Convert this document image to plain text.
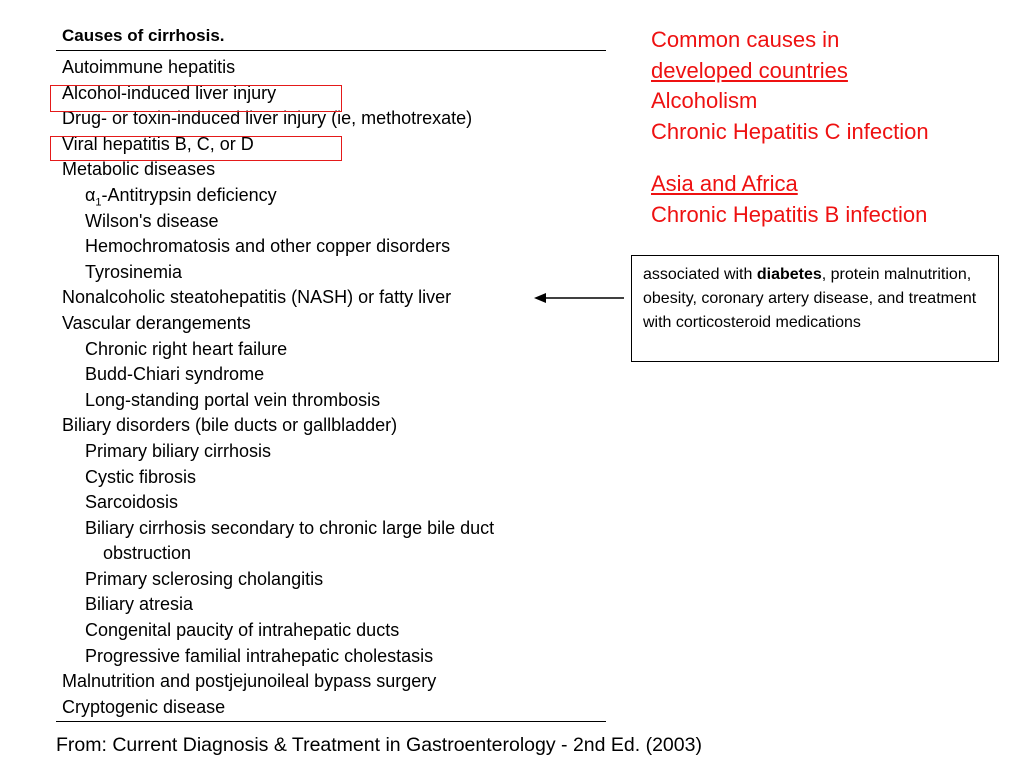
Causes of cirrhosis.
Autoimmune hepatitis
Alcohol-induced liver injury
Drug- or toxin-induced liver injury (ie, methotrexate)
Viral hepatitis B, C, or D
Metabolic diseases
$\alpha_1$-Antitrypsin deficiency
Wilson's disease
Hemochromatosis and other copper disorders
Tyrosinemia
Nonalcoholic steatohepatitis (NASH) or fatty liver
Vascular derangements
Chronic right heart failure
Budd-Chiari syndrome
Long-standing portal vein thrombosis
Biliary disorders (bile ducts or gallbladder)
Primary biliary cirrhosis
Cystic fibrosis
Sarcoidosis
Biliary cirrhosis secondary to chronic large bile duct
obstruction
Primary sclerosing cholangitis
Biliary atresia
Congenital paucity of intrahepatic ducts
Progressive familial intrahepatic cholestasis
Malnutrition and postjejunoileal bypass surgery
Cryptogenic disease
From: Current Diagnosis & Treatment in Gastroenterology - 2nd Ed. (2003)
Common causes in
developed countries
Alcoholism
Chronic Hepatitis C infection
Asia and Africa
Chronic Hepatitis B infection
associated with diabetes, protein malnutrition, obesity, coronary artery disease, and treatment with corticosteroid medications
